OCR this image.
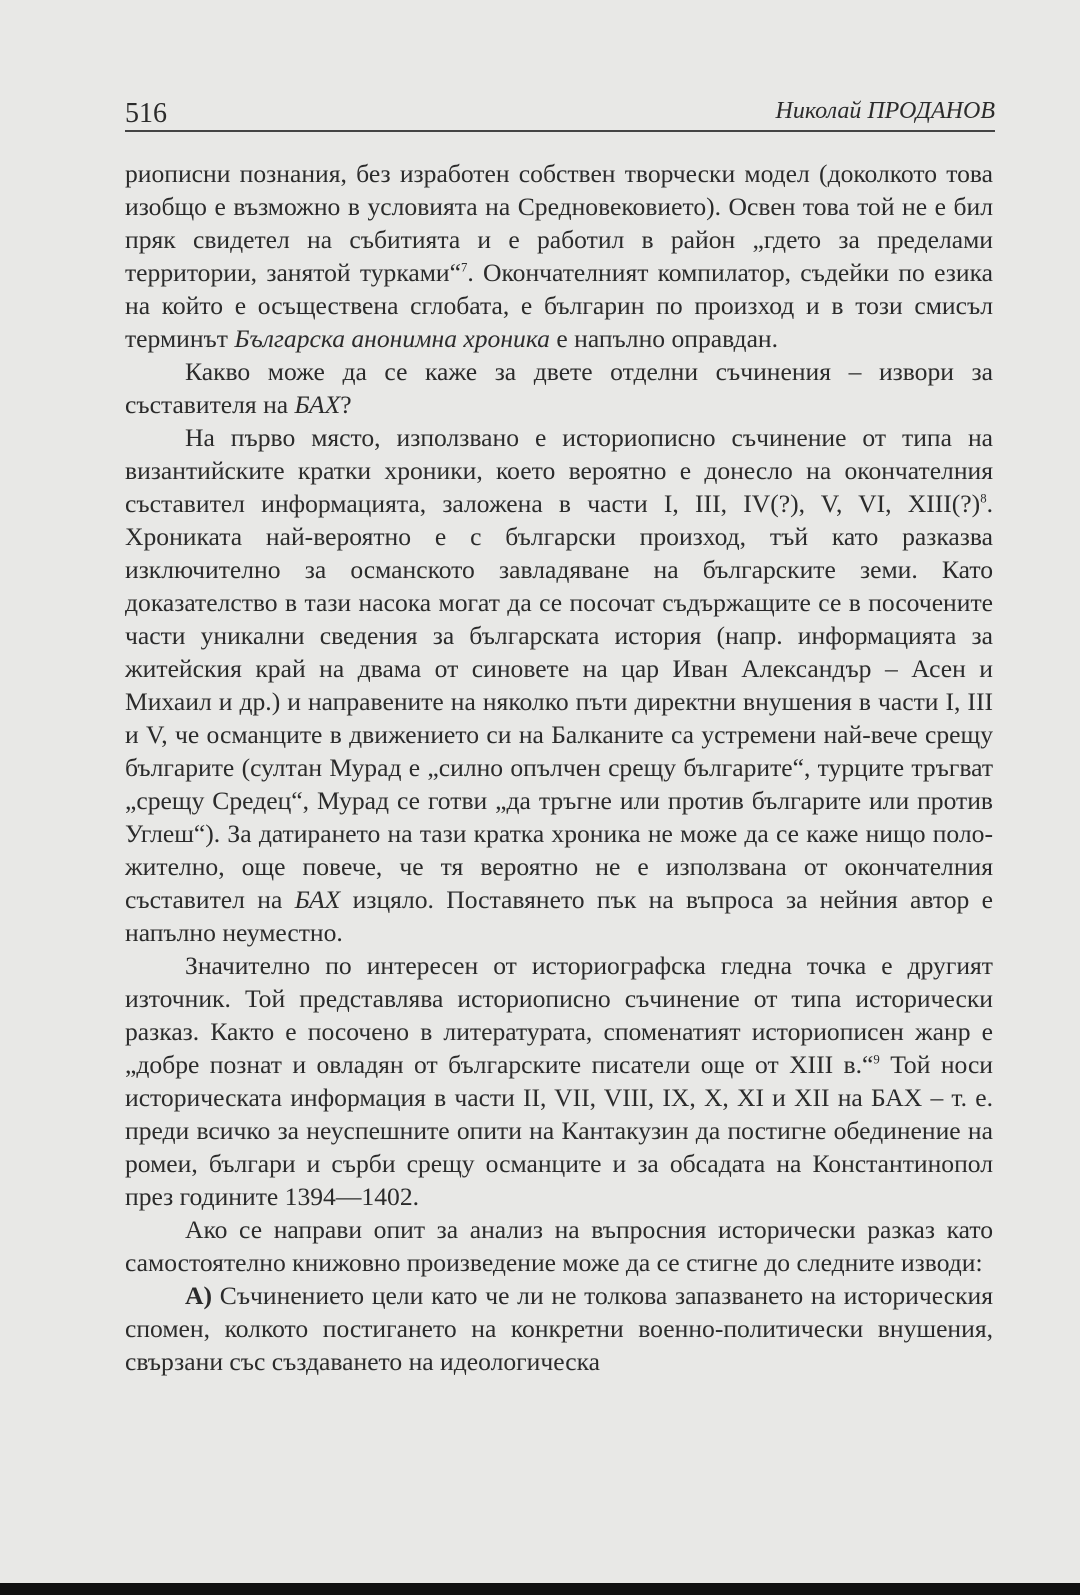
516	Николай ПРОДАНОВ

риописни познания, без изработен собствен творчески модел (доколкото това изобщо е възможно в условията на Средновековието). Освен това той не е бил пряк свидетел на събитията и е работил в район „гдето за пределами территории, занятой турками“$^7$. Окончателният компилатор, съдейки по езика на който е осъществена сглобата, е българин по произход и в този смисъл терминът Българска анонимна хроника е напълно оправдан.

Какво може да се каже за двете отделни съчинения – извори за съставителя на БАХ?

На първо място, използвано е историописно съчинение от типа на византийските кратки хроники, което вероятно е донесло на окончателния съставител информацията, заложена в части I, III, IV(?), V, VI, XIII(?)$^8$. Хрониката най-вероятно е с български произход, тъй като разказва изключително за османското завладяване на българските земи. Като доказателство в тази насока могат да се посочат съдържащите се в посочените части уникални сведения за българската история (напр. информацията за житейския край на двама от синовете на цар Иван Александър – Асен и Михаил и др.) и направените на няколко пъти директни внушения в части I, III и V, че османците в движението си на Балканите са устремени най-вече срещу българите (султан Мурад е „силно опълчен срещу българите“, турците тръгват „срещу Средец“, Мурад се готви „да тръгне или против българите или против Углеш“). За датирането на тази кратка хроника не може да се каже нищо положително, още повече, че тя вероятно не е използвана от окончателния съставител на БАХ изцяло. Поставянето пък на въпроса за нейния автор е напълно неуместно.

Значително по интересен от историографска гледна точка е другият източник. Той представлява историописно съчинение от типа исторически разказ. Както е посочено в литературата, споменатият историописен жанр е „добре познат и овладян от българските писатели още от XIII в.“$^9$ Той носи историческата информация в части II, VII, VIII, IX, X, XI и XII на БАХ – т. е. преди всичко за неуспешните опити на Кантакузин да постигне обединение на ромеи, българи и сърби срещу османците и за обсадата на Константинопол през годините 1394—1402.

Ако се направи опит за анализ на въпросния исторически разказ като самостоятелно книжовно произведение може да се стигне до следните изводи:

А) Съчинението цели като че ли не толкова запазването на историческия спомен, колкото постигането на конкретни военно-политически внушения, свързани със създаването на идеологическа
